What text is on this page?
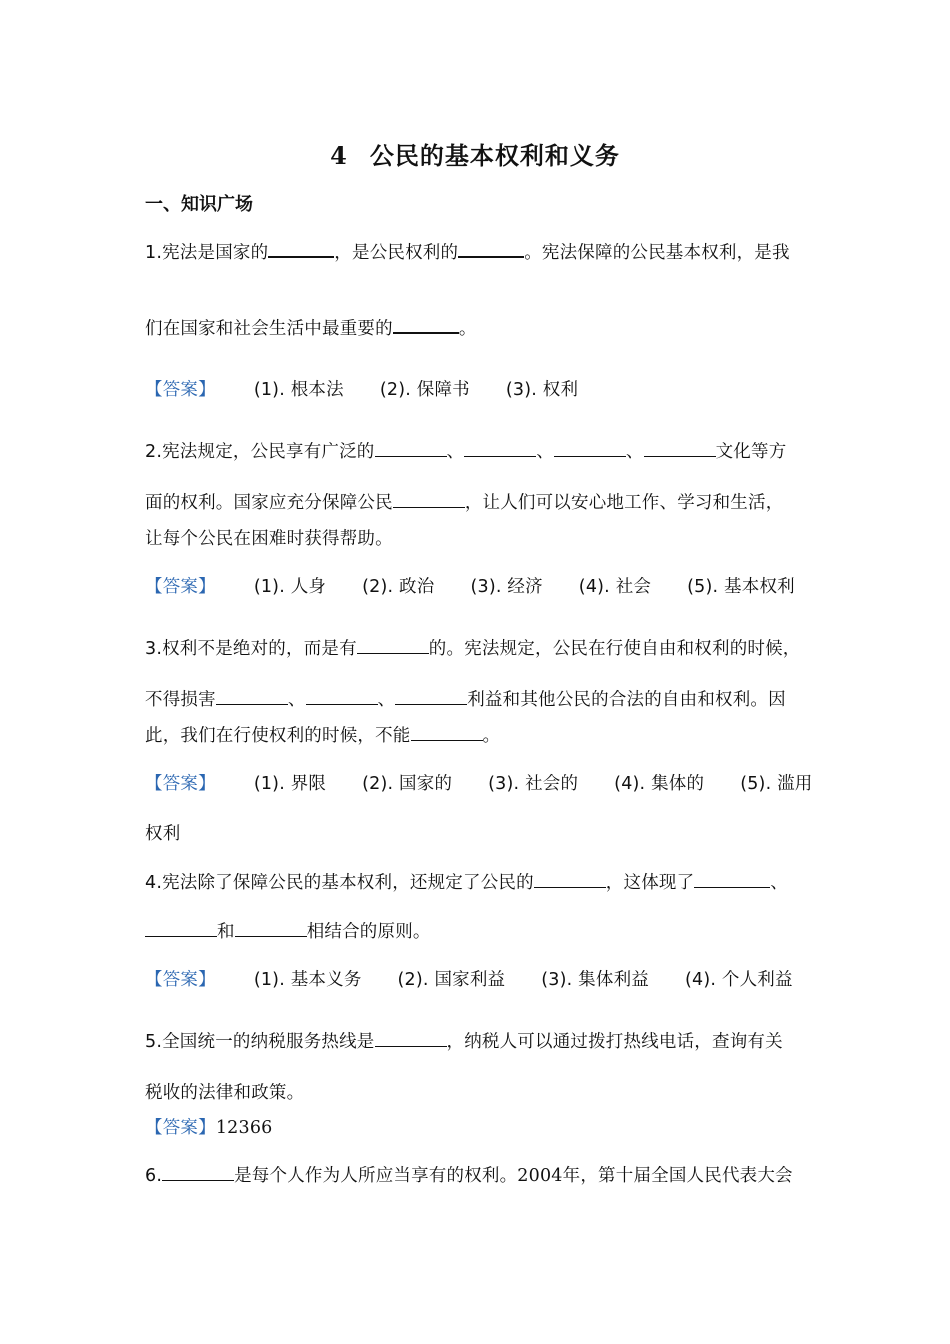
4 公民的基本权利和义务
一、知识广场
1.宪法是国家的	，是公民权利的	。宪法保障的公民基本权利，是我
们在国家和社会生活中最重要的	。
【答案】 (1). 根本法 (2). 保障书 (3). 权利
2.宪法规定，公民享有广泛的	、	、	、	文化等方
面的权利。国家应充分保障公民	，让人们可以安心地工作、学习和生活，
让每个公民在困难时获得帮助。
【答案】 (1). 人身 (2). 政治 (3). 经济 (4). 社会 (5). 基本权利
3.权利不是绝对的，而是有	的。宪法规定，公民在行使自由和权利的时候，
不得损害	、	、	利益和其他公民的合法的自由和权利。因
此，我们在行使权利的时候，不能	。
【答案】 (1). 界限 (2). 国家的 (3). 社会的 (4). 集体的 (5). 滥用
权利
4.宪法除了保障公民的基本权利，还规定了公民的	，这体现了	、
和	相结合的原则。
【答案】 (1). 基本义务 (2). 国家利益 (3). 集体利益 (4). 个人利益
5.全国统一的纳税服务热线是	，纳税人可以通过拨打热线电话，查询有关
税收的法律和政策。
【答案】12366
6.	是每个人作为人所应当享有的权利。2004年，第十届全国人民代表大会
